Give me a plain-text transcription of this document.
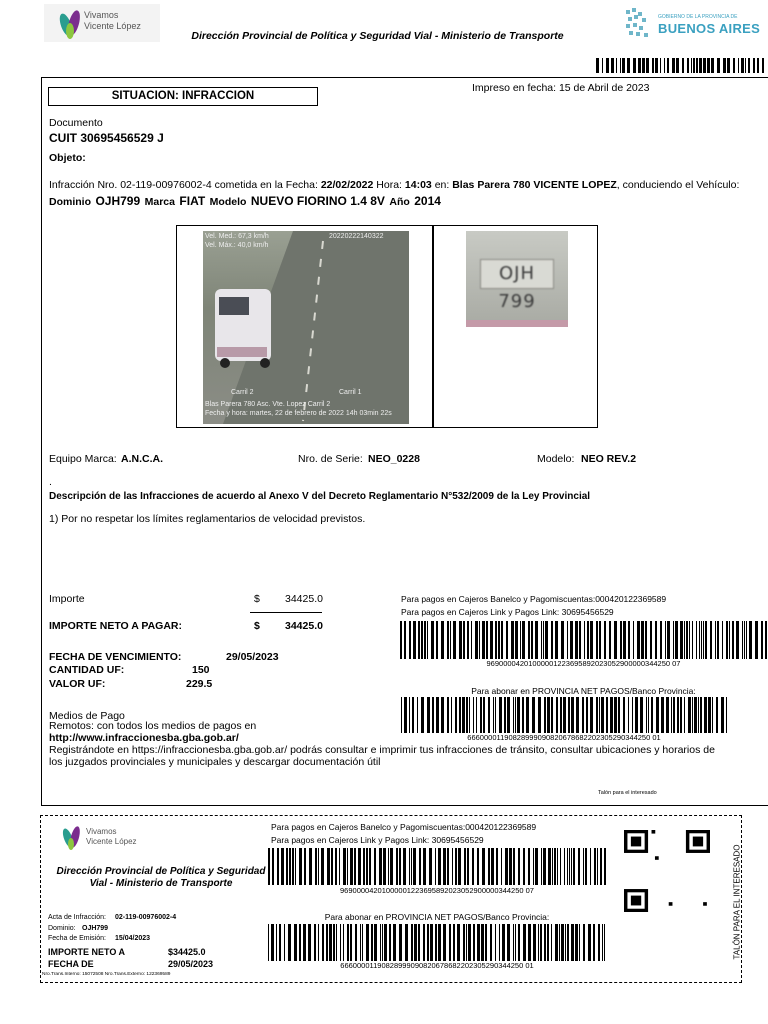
Vivamos
Vicente López
Dirección Provincial de Política y Seguridad Vial - Ministerio de Transporte
GOBIERNO DE LA PROVINCIA DE
BUENOS AIRES
SITUACION: INFRACCION
Impreso en fecha: 15 de Abril de 2023
Documento
CUIT 30695456529 J
Objeto:
Infracción Nro. 02-119-00976002-4 cometida en la Fecha: 22/02/2022 Hora: 14:03 en: Blas Parera 780 VICENTE LOPEZ, conduciendo el Vehículo:
Dominio OJH799 Marca FIAT Modelo NUEVO FIORINO 1.4 8V Año 2014
Vel. Med.: 67,3 km/h
Vel. Máx.: 40,0 km/h
20220222140322
Carril 2	Carril 1
Blas Parera 780 Asc. Vte. Lopez Carril 2
Fecha y hora: martes, 22 de febrero de 2022 14h 03min 22s
OJH 799
Equipo Marca: A.N.C.A.	Nro. de Serie: NEO_0228	Modelo: NEO REV.2
.
Descripción de las Infracciones de acuerdo al Anexo V del Decreto Reglamentario N°532/2009 de la Ley Provincial
1) Por no respetar los límites reglamentarios de velocidad previstos.
Importe	$ 34425.0
IMPORTE NETO A PAGAR:	$ 34425.0
FECHA DE VENCIMIENTO:	29/05/2023
CANTIDAD UF:	150
VALOR UF:	229.5
Para pagos en Cajeros Banelco y Pagomiscuentas:000420122369589
Para pagos en Cajeros Link y Pagos Link: 30695456529
96900004201000001223695892023052900000344250 07
Para abonar en PROVINCIA NET PAGOS/Banco Provincia:
66600001190828999090820678682202305290344250 01
Medios de Pago
Remotos: con todos los medios de pagos en
http://www.infraccionesba.gba.gob.ar/
Registrándote en https://infraccionesba.gba.gob.ar/ podrás consultar e imprimir tus infracciones de tránsito, consultar ubicaciones y horarios de los juzgados provinciales y municipales y descargar documentación útil
Talón para el interesado
Vivamos
Vicente López
Dirección Provincial de Política y Seguridad Vial - Ministerio de Transporte
Para pagos en Cajeros Banelco y Pagomiscuentas:000420122369589
Para pagos en Cajeros Link y Pagos Link: 30695456529
96900004201000001223695892023052900000344250 07
Para abonar en PROVINCIA NET PAGOS/Banco Provincia:
66600001190828999090820678682202305290344250 01
TALÓN PARA EL INTERESADO
Acta de Infracción: 02-119-00976002-4
Dominio: OJH799
Fecha de Emisión: 15/04/2023
IMPORTE NETO A	$34425.0
FECHA DE	29/05/2023
Nro.Trans.Interno: 15072508 Nro.Trans.Externo: 122369589
